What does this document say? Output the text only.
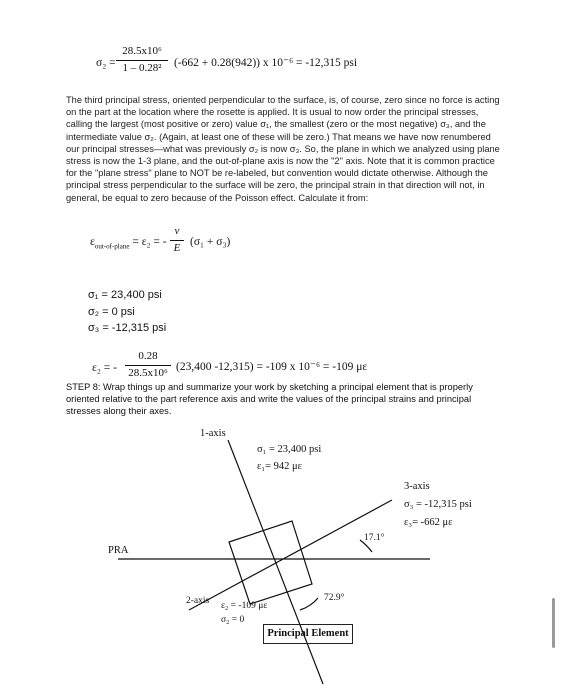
σ₂ =
28.5x10⁶
1 – 0.28²	(-662 + 0.28(942)) x 10⁻⁶ = -12,315 psi
The third principal stress, oriented perpendicular to the surface, is, of course, zero since no force is acting on the part at the location where the rosette is applied. It is usual to now order the principal stresses, calling the largest (most positive or zero) value σ₁, the smallest (zero or the most negative) σ₃, and the intermediate value σ₂. (Again, at least one of these will be zero.) That means we have now renumbered our principal stresses—what was previously σ₂ is now σ₃. So, the plane in which we analyzed using plane stress is now the 1-3 plane, and the out-of-plane axis is now the "2" axis. Note that it is common practice for the "plane stress" plane to NOT be re-labeled, but convention would dictate otherwise. Although the principal stress perpendicular to the surface will be zero, the principal strain in that direction will not, in general, be equal to zero because of the Poisson effect. Calculate it from:
$\varepsilon_{out-of-plane} = \varepsilon_2$ = -
ν
E (σ₁ + σ₃)
σ₁ = 23,400 psi
σ₂ = 0 psi
σ₃ = -12,315 psi
ε₂ = -
0.28
28.5x10⁶ (23,400 -12,315) = -109 x 10⁻⁶ = -109 με
STEP 8: Wrap things up and summarize your work by sketching a principal element that is properly oriented relative to the part reference axis and write the values of the principal strains and principal stresses along their axes.
1-axis
σ₁ = 23,400 psi
ε₁= 942 με
3-axis
σ₃ = -12,315 psi
ε₃= -662 με
17.1°
PRA
2-axis ε₂ = -109 με
σ₂ = 0
72.9°
Principal Element
